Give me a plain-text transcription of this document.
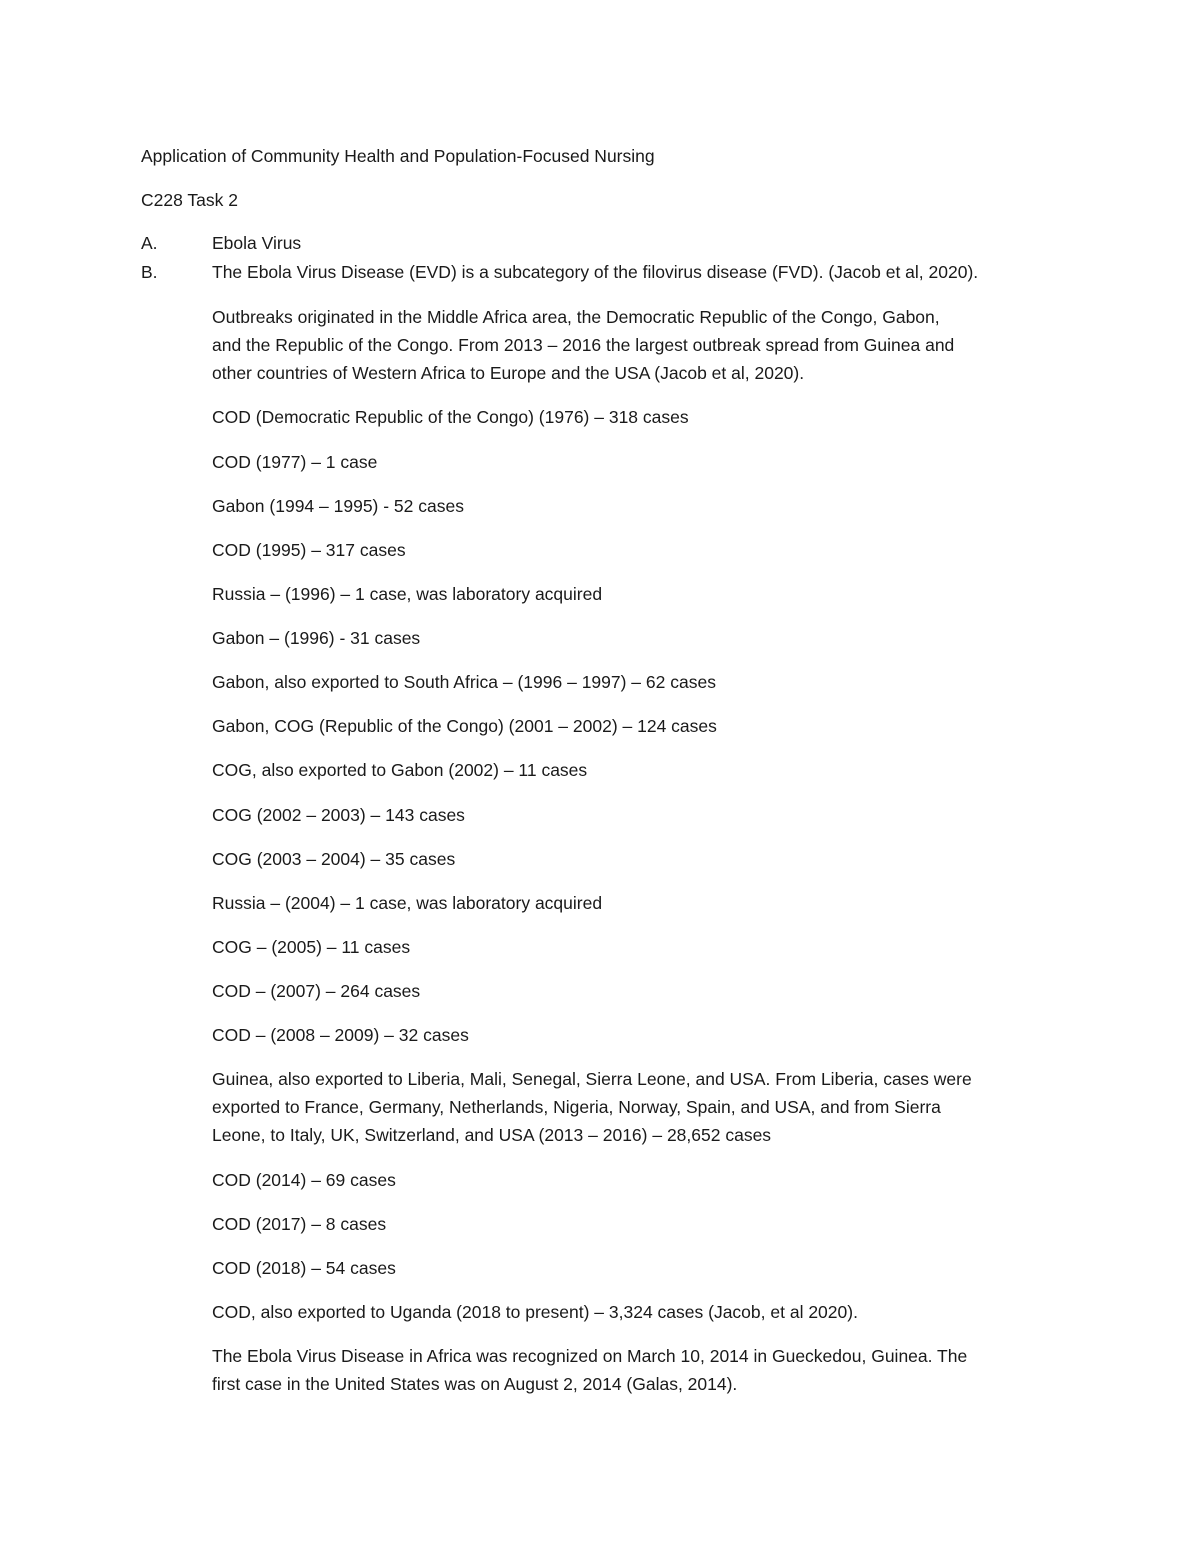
Application of Community Health and Population-Focused Nursing
C228 Task 2
A.	Ebola Virus
B.	The Ebola Virus Disease (EVD) is a subcategory of the filovirus disease (FVD). (Jacob et al, 2020).
Outbreaks originated in the Middle Africa area, the Democratic Republic of the Congo, Gabon,
and the Republic of the Congo. From 2013 – 2016 the largest outbreak spread from Guinea and
other countries of Western Africa to Europe and the USA (Jacob et al, 2020).
COD (Democratic Republic of the Congo) (1976) – 318 cases
COD (1977) – 1 case
Gabon (1994 – 1995) - 52 cases
COD (1995) – 317 cases
Russia – (1996) – 1 case, was laboratory acquired
Gabon – (1996) - 31 cases
Gabon, also exported to South Africa – (1996 – 1997) – 62 cases
Gabon, COG (Republic of the Congo) (2001 – 2002) – 124 cases
COG, also exported to Gabon (2002) – 11 cases
COG (2002 – 2003) – 143 cases
COG (2003 – 2004) – 35 cases
Russia – (2004) – 1 case, was laboratory acquired
COG – (2005) – 11 cases
COD – (2007) – 264 cases
COD – (2008 – 2009) – 32 cases
Guinea, also exported to Liberia, Mali, Senegal, Sierra Leone, and USA. From Liberia, cases were
exported to France, Germany, Netherlands, Nigeria, Norway, Spain, and USA, and from Sierra
Leone, to Italy, UK, Switzerland, and USA (2013 – 2016) – 28,652 cases
COD (2014) – 69 cases
COD (2017) – 8 cases
COD (2018) – 54 cases
COD, also exported to Uganda (2018 to present) – 3,324 cases (Jacob, et al 2020).
The Ebola Virus Disease in Africa was recognized on March 10, 2014 in Gueckedou, Guinea. The
first case in the United States was on August 2, 2014 (Galas, 2014).
